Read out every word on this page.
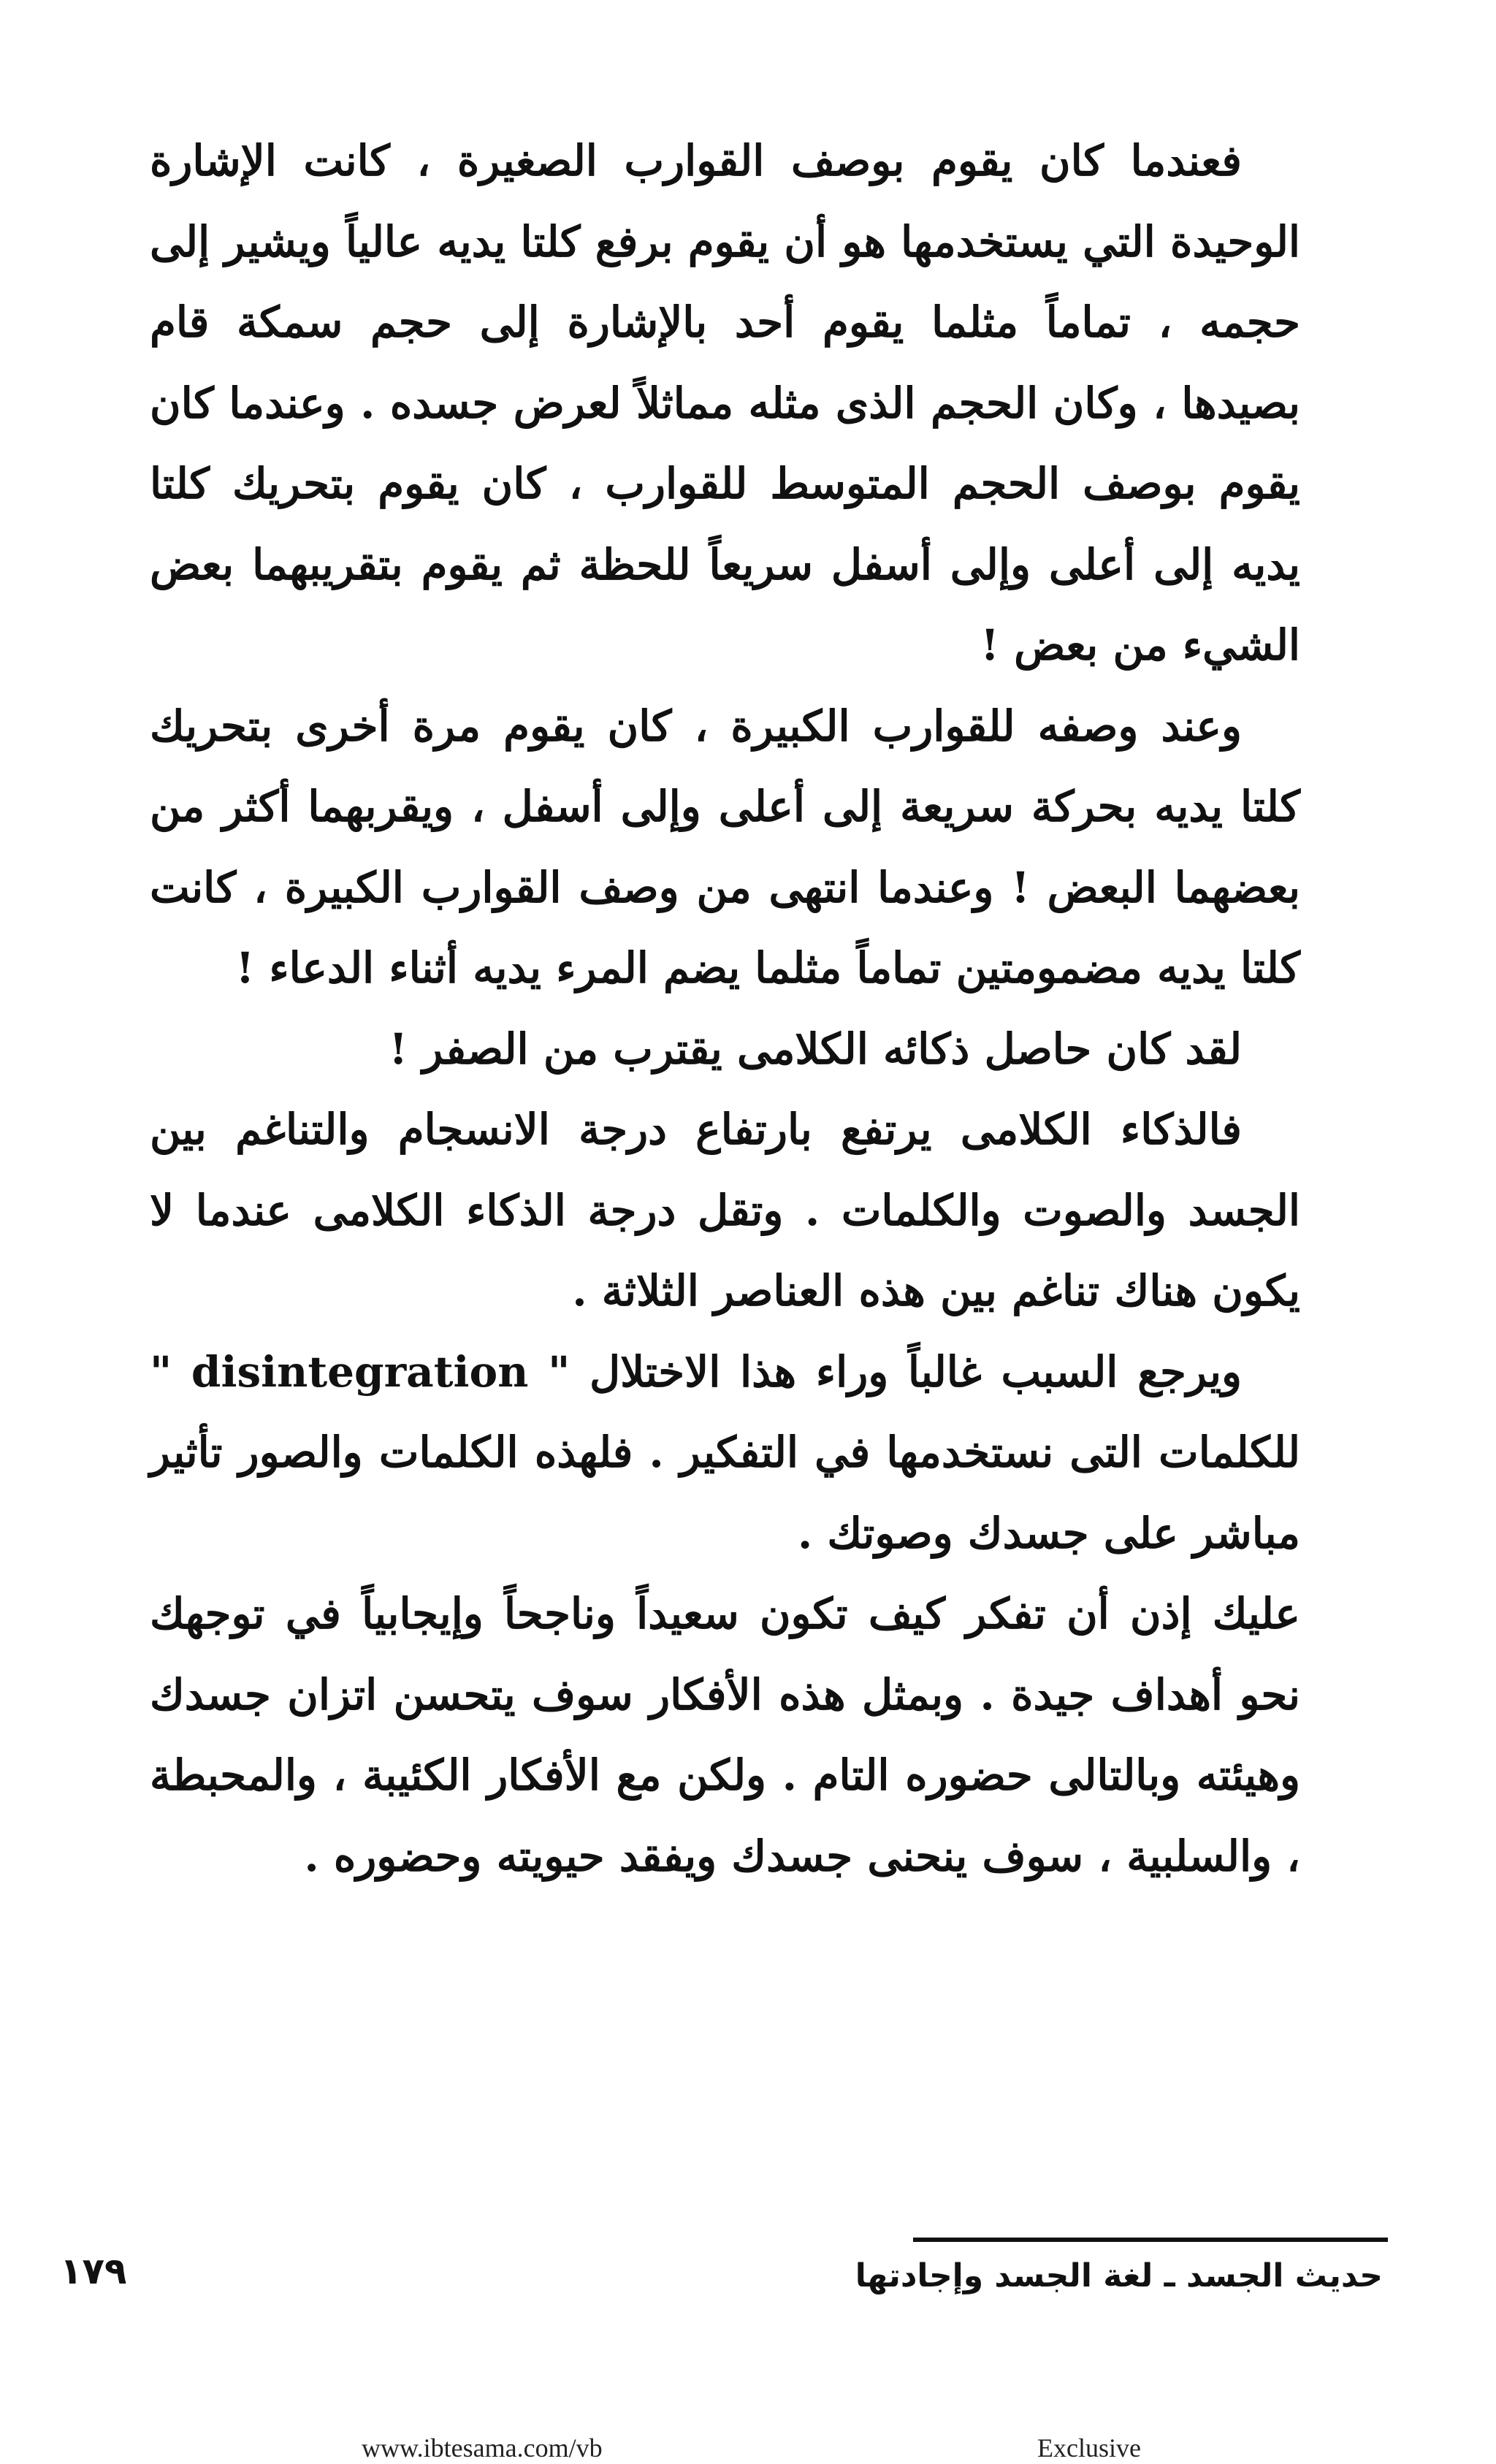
فعندما كان يقوم بوصف القوارب الصغيرة ، كانت الإشارة الوحيدة التي يستخدمها هو أن يقوم برفع كلتا يديه عالياً ويشير إلى حجمه ، تماماً مثلما يقوم أحد بالإشارة إلى حجم سمكة قام بصيدها ، وكان الحجم الذى مثله مماثلاً لعرض جسده . وعندما كان يقوم بوصف الحجم المتوسط للقوارب ، كان يقوم بتحريك كلتا يديه إلى أعلى وإلى أسفل سريعاً للحظة ثم يقوم بتقريبهما بعض الشيء من بعض !

وعند وصفه للقوارب الكبيرة ، كان يقوم مرة أخرى بتحريك كلتا يديه بحركة سريعة إلى أعلى وإلى أسفل ، ويقربهما أكثر من بعضهما البعض ! وعندما انتهى من وصف القوارب الكبيرة ، كانت كلتا يديه مضمومتين تماماً مثلما يضم المرء يديه أثناء الدعاء !

لقد كان حاصل ذكائه الكلامى يقترب من الصفر !

فالذكاء الكلامى يرتفع بارتفاع درجة الانسجام والتناغم بين الجسد والصوت والكلمات . وتقل درجة الذكاء الكلامى عندما لا يكون هناك تناغم بين هذه العناصر الثلاثة .

ويرجع السبب غالباً وراء هذا الاختلال " disintegration " للكلمات التى نستخدمها في التفكير . فلهذه الكلمات والصور تأثير مباشر على جسدك وصوتك .

عليك إذن أن تفكر كيف تكون سعيداً وناجحاً وإيجابياً في توجهك نحو أهداف جيدة . وبمثل هذه الأفكار سوف يتحسن اتزان جسدك وهيئته وبالتالى حضوره التام . ولكن مع الأفكار الكئيبة ، والمحبطة ، والسلبية ، سوف ينحنى جسدك ويفقد حيويته وحضوره .

حديث الجسد ـ لغة الجسد وإجادتها
١٧٩
www.ibtesama.com/vb	Exclusive
